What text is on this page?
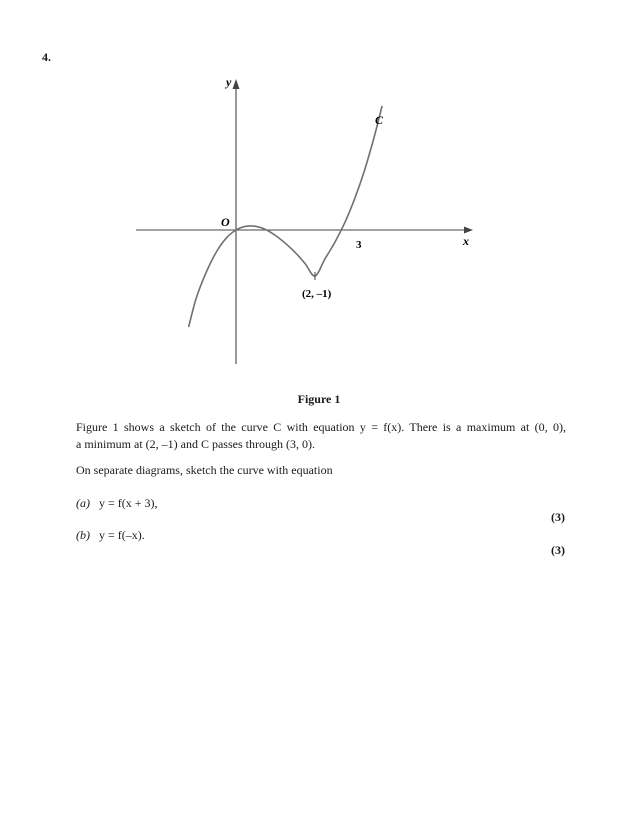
4.
y
x
O
C
3
(2, –1)
Figure 1
Figure 1 shows a sketch of the curve C with equation y = f(x). There is a maximum at (0, 0),
a minimum at (2, –1) and C passes through (3, 0).
On separate diagrams, sketch the curve with equation
(a) y = f(x + 3),
(3)
(b) y = f(–x).
(3)
